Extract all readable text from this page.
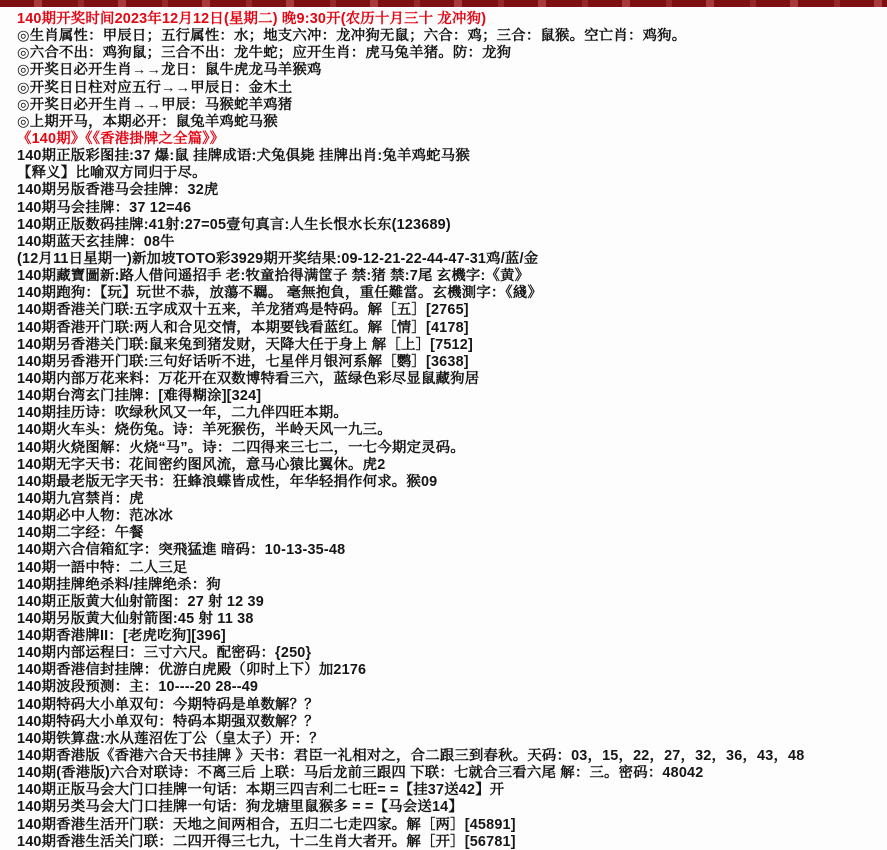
140期开奖时间2023年12月12日(星期二) 晚9:30开(农历十月三十 龙冲狗)
◎生肖属性：甲辰日；五行属性：水；地支六冲：龙冲狗无鼠；六合：鸡；三合：鼠猴。空亡肖：鸡狗。
◎六合不出：鸡狗鼠；三合不出：龙牛蛇；应开生肖：虎马兔羊猪。防：龙狗
◎开奖日必开生肖→→龙日：鼠牛虎龙马羊猴鸡
◎开奖日日柱对应五行→→甲辰日：金木土
◎开奖日必开生肖→→甲辰：马猴蛇羊鸡猪
◎上期开马，本期必开：鼠兔羊鸡蛇马猴
《140期》《《香港掛牌之全篇》》
140期正版彩图挂:37 爆:鼠 挂牌成语:犬兔俱毙 挂牌出肖:兔羊鸡蛇马猴
【释义】比喻双方同归于尽。
140期另版香港马会挂牌：32虎
140期马会挂牌：37 12=46
140期正版数码挂牌:41射:27=05壹句真言:人生长恨水长东(123689)
140期蓝天玄挂牌：08牛
(12月11日星期一)新加坡TOTO彩3929期开奖结果:09-12-21-22-44-47-31鸡/蓝/金
140期藏寶圖新:路人借问遥招手 老:牧童拾得满筐子 禁:猪 禁:7尾 玄機字:《黄》
140期跑狗：【玩】玩世不恭，放蕩不羈。 毫無抱負，重任難當。玄機測字：《綫》
140期香港关门联:五字成双十五来，羊龙猪鸡是特码。解［五］[2765]
140期香港开门联:两人和合见交情，本期要钱看蓝红。解［情］[4178]
140期另香港关门联:鼠来兔到猪发财，天降大任于身上 解［上］[7512]
140期另香港开门联:三句好话听不进，七星伴月银河系解［鹦］[3638]
140期内部万花来料：万花开在双数博特看三六，蓝绿色彩尽显鼠藏狗居
140期台湾玄门挂牌：[难得糊涂][324]
140期挂历诗：吹绿秋风又一年，二九伴四旺本期。
140期火车头：烧伤兔。诗：羊死猴伤，半岭天风一九三。
140期火烧图解：火烧“马”。诗：二四得来三七二，一七今期定灵码。
140期无字天书：花间密约图风流，意马心猿比翼休。虎2
140期最老版无字天书：狂蜂浪蝶皆成性，年华轻捐作何求。猴09
140期九宫禁肖：虎
140期必中人物：范冰冰
140期二字经：午餐
140期六合信箱紅字：突飛猛進 暗码：10-13-35-48
140期一語中特：二人三足
140期挂牌绝杀料/挂牌绝杀：狗
140期正版黄大仙射箭图：27 射 12 39
140期另版黄大仙射箭图:45 射 11 38
140期香港牌II：[老虎吃狗][396]
140期内部运程曰：三寸六尺。配密码：{250}
140期香港信封挂牌：优游白虎殿（卯时上下）加2176
140期波段预测：主：10----20 28--49
140期特码大小单双句：今期特码是单数解？？
140期特码大小单双句：特码本期强双数解？？
140期铁算盘:水从莲沼佐丁公（皇太子）开：？
140期香港版《香港六合天书挂牌 》天书：君臣一礼相对之，合二跟三到春秋。天码：03，15，22，27，32，36，43，48
140期(香港版)六合对联诗：不离三后 上联：马后龙前三跟四 下联：七就合三看六尾 解：三。密码：48042
140期正版马会大门口挂牌一句话：本期三四吉利二七旺= =【挂37送42】开
140期另类马会大门口挂牌一句话：狗龙塘里鼠猴多 = =【马会送14】
140期香港生活开门联：天地之间两相合，五归二七走四家。解［两］[45891]
140期香港生活关门联：二四开得三七九，十二生肖大者开。解［开］[56781]
